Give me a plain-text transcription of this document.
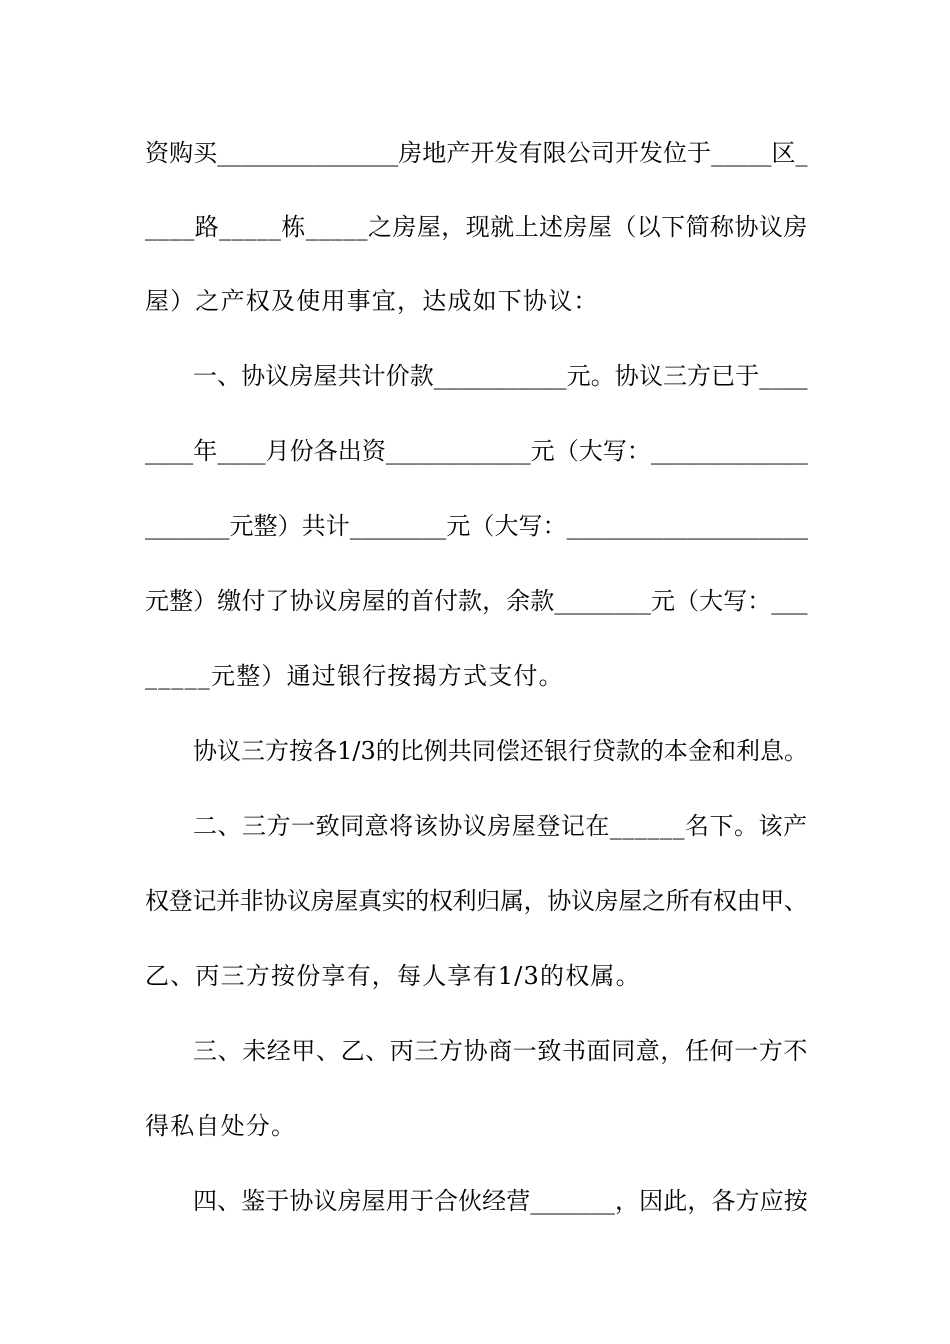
资购买_______________房地产开发有限公司开发位于_____区_
____路_____栋_____之房屋，现就上述房屋（以下简称协议房
屋）之产权及使用事宜，达成如下协议：
一、协议房屋共计价款___________元。协议三方已于____
____年____月份各出资____________元（大写：_____________
_______元整）共计________元（大写：____________________
元整）缴付了协议房屋的首付款，余款________元（大写：___
_____元整）通过银行按揭方式支付。
协议三方按各1/3的比例共同偿还银行贷款的本金和利息。
二、三方一致同意将该协议房屋登记在______名下。该产
权登记并非协议房屋真实的权利归属，协议房屋之所有权由甲、
乙、丙三方按份享有，每人享有1/3的权属。
三、未经甲、乙、丙三方协商一致书面同意，任何一方不
得私自处分。
四、鉴于协议房屋用于合伙经营_______，因此，各方应按
